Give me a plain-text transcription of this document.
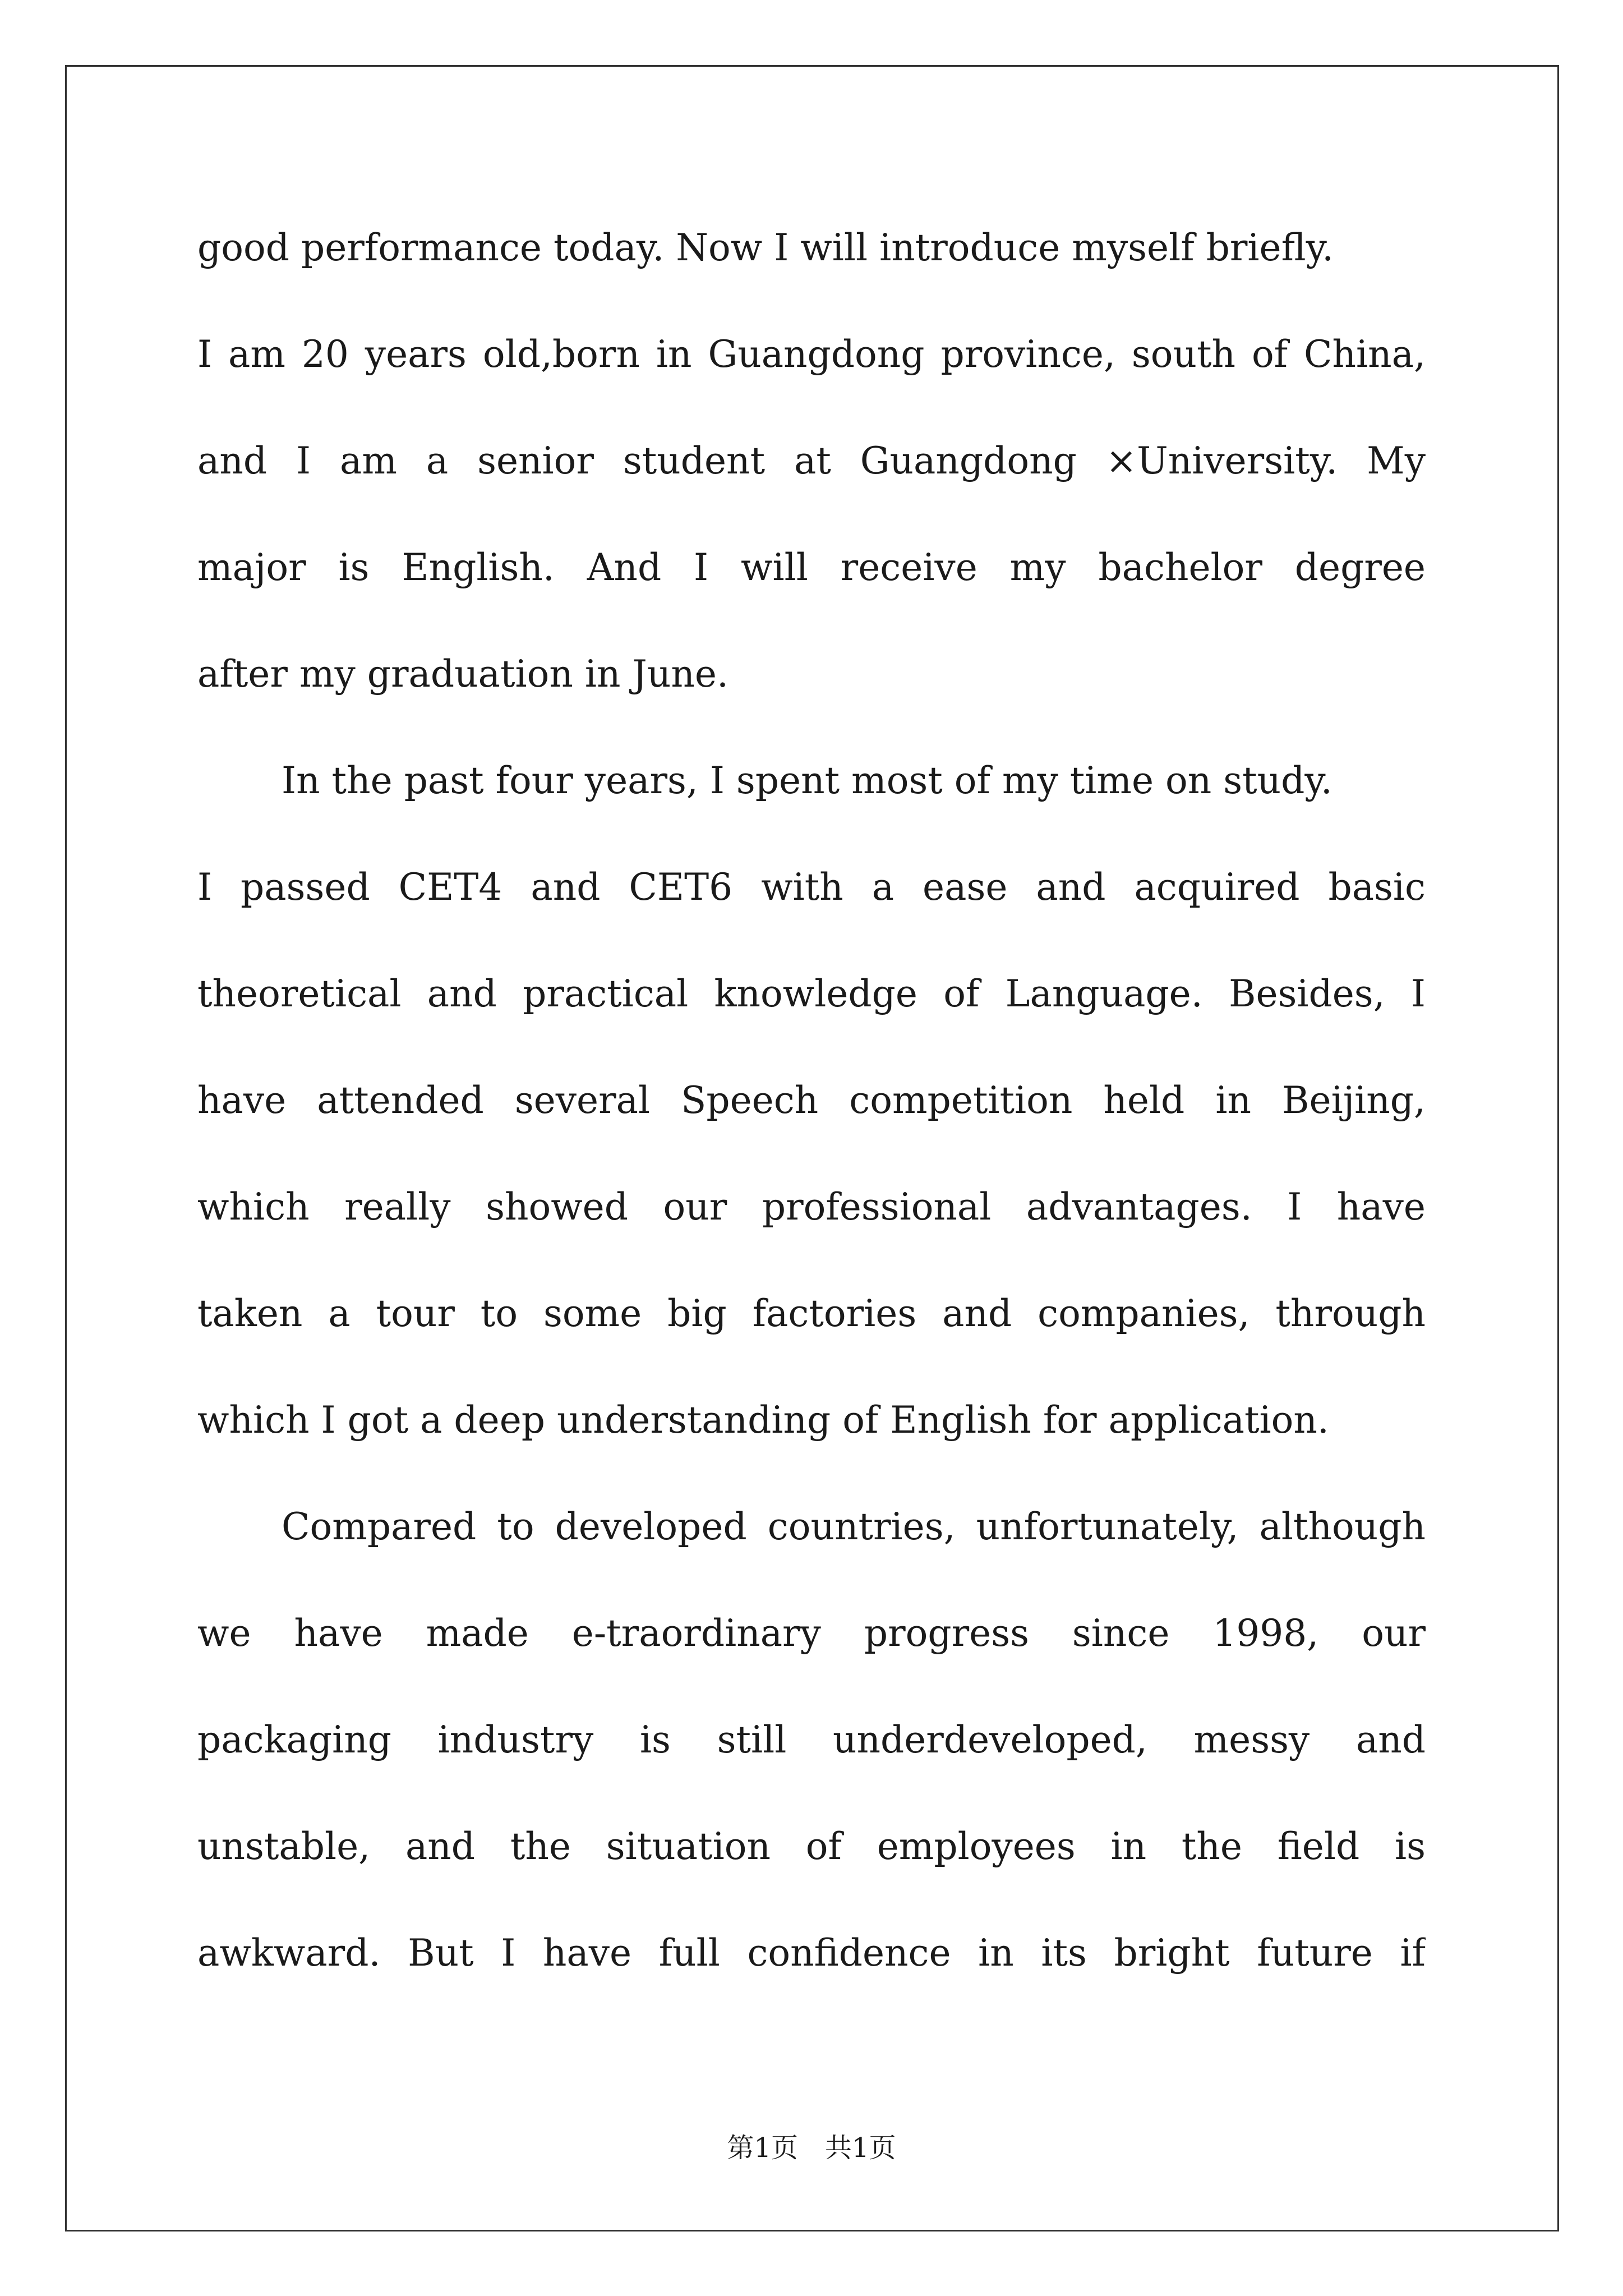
good performance today. Now I will introduce myself briefly.
I am 20 years old,born in Guangdong province, south of China,
and I am a senior student at Guangdong ×University. My
major is English. And I will receive my bachelor degree
after my graduation in June.
In the past four years, I spent most of my time on study.
I passed CET4 and CET6 with a ease and acquired basic
theoretical and practical knowledge of Language. Besides, I
have attended several Speech competition held in Beijing,
which really showed our professional advantages. I have
taken a tour to some big factories and companies, through
which I got a deep understanding of English for application.
Compared to developed countries, unfortunately, although
we have made e-traordinary progress since 1998, our
packaging industry is still underdeveloped, messy and
unstable, and the situation of employees in the field is
awkward. But I have full confidence in its bright future if
第1页　共1页
